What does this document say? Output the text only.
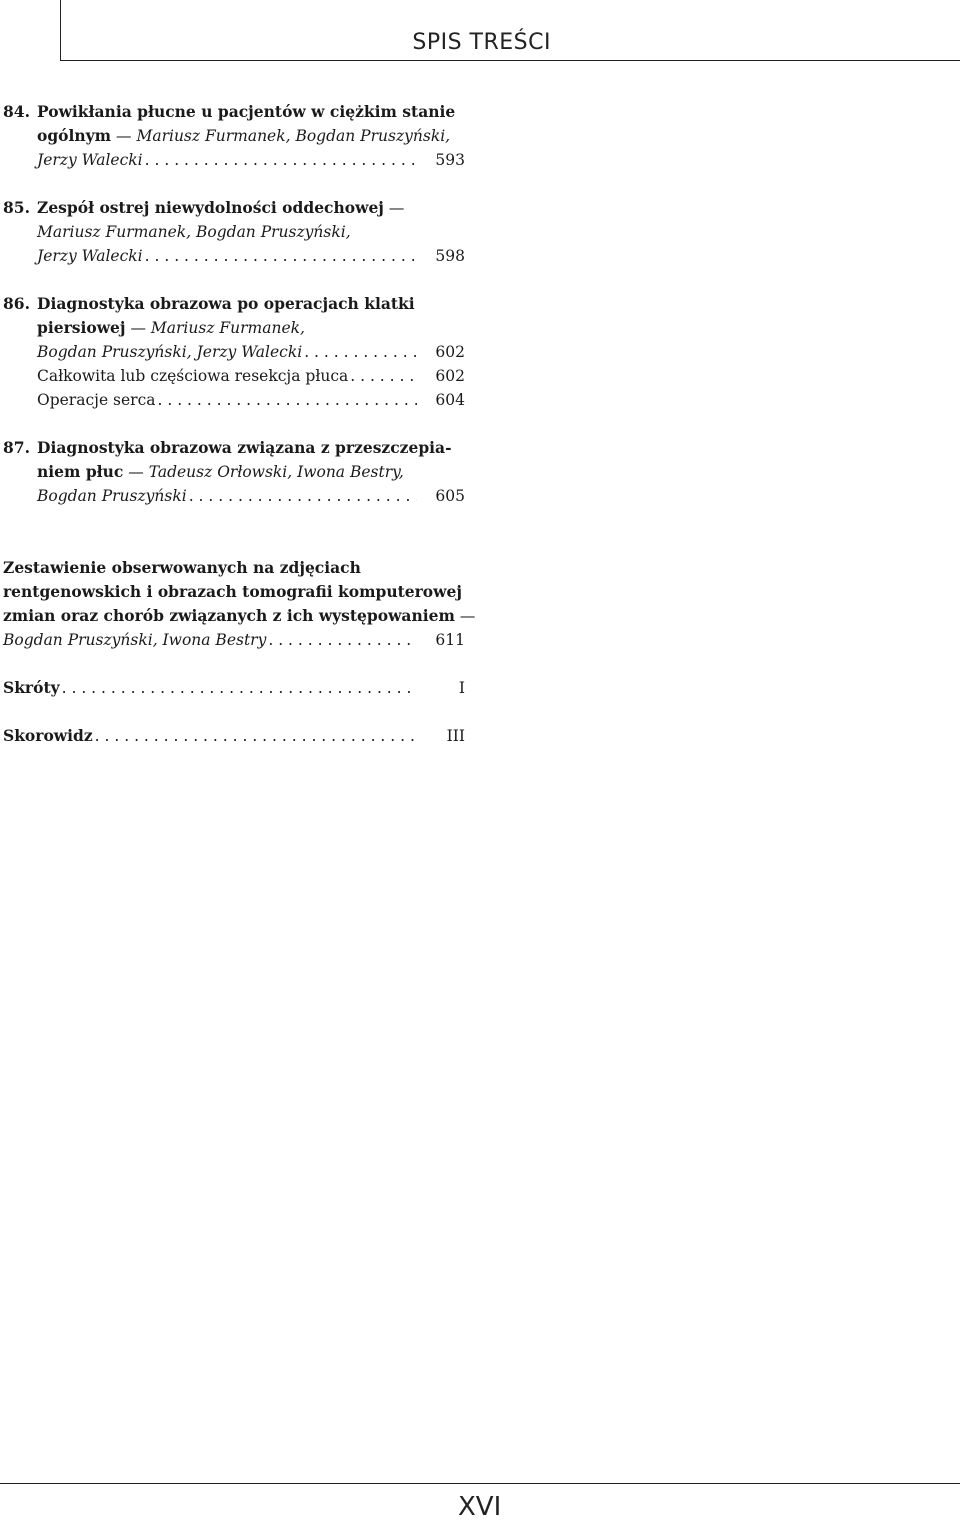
SPIS TREŚCI
84. Powikłania płucne u pacjentów w ciężkim stanie
ogólnym
—
Mariusz Furmanek, Bogdan Pruszyński,
Jerzy Walecki . . .	593
85. Zespół ostrej niewydolności oddechowej
—
Mariusz Furmanek, Bogdan Pruszyński,
Jerzy Walecki . . .	598
86. Diagnostyka obrazowa po operacjach klatki
piersiowej
—
Mariusz Furmanek,
Bogdan Pruszyński, Jerzy Walecki . . .	602
Całkowita lub częściowa resekcja płuca . . .	602
Operacje serca . . .	604
87. Diagnostyka obrazowa związana z przeszczepia-
niem płuc
—
Tadeusz Orłowski, Iwona Bestry,
Bogdan Pruszyński . . .	605
Zestawienie obserwowanych na zdjęciach
rentgenowskich i obrazach tomografii komputerowej
zmian oraz chorób związanych z ich występowaniem
—
Bogdan Pruszyński, Iwona Bestry . . .	611
Skróty . . .	I
Skorowidz . . .	III
XVI
